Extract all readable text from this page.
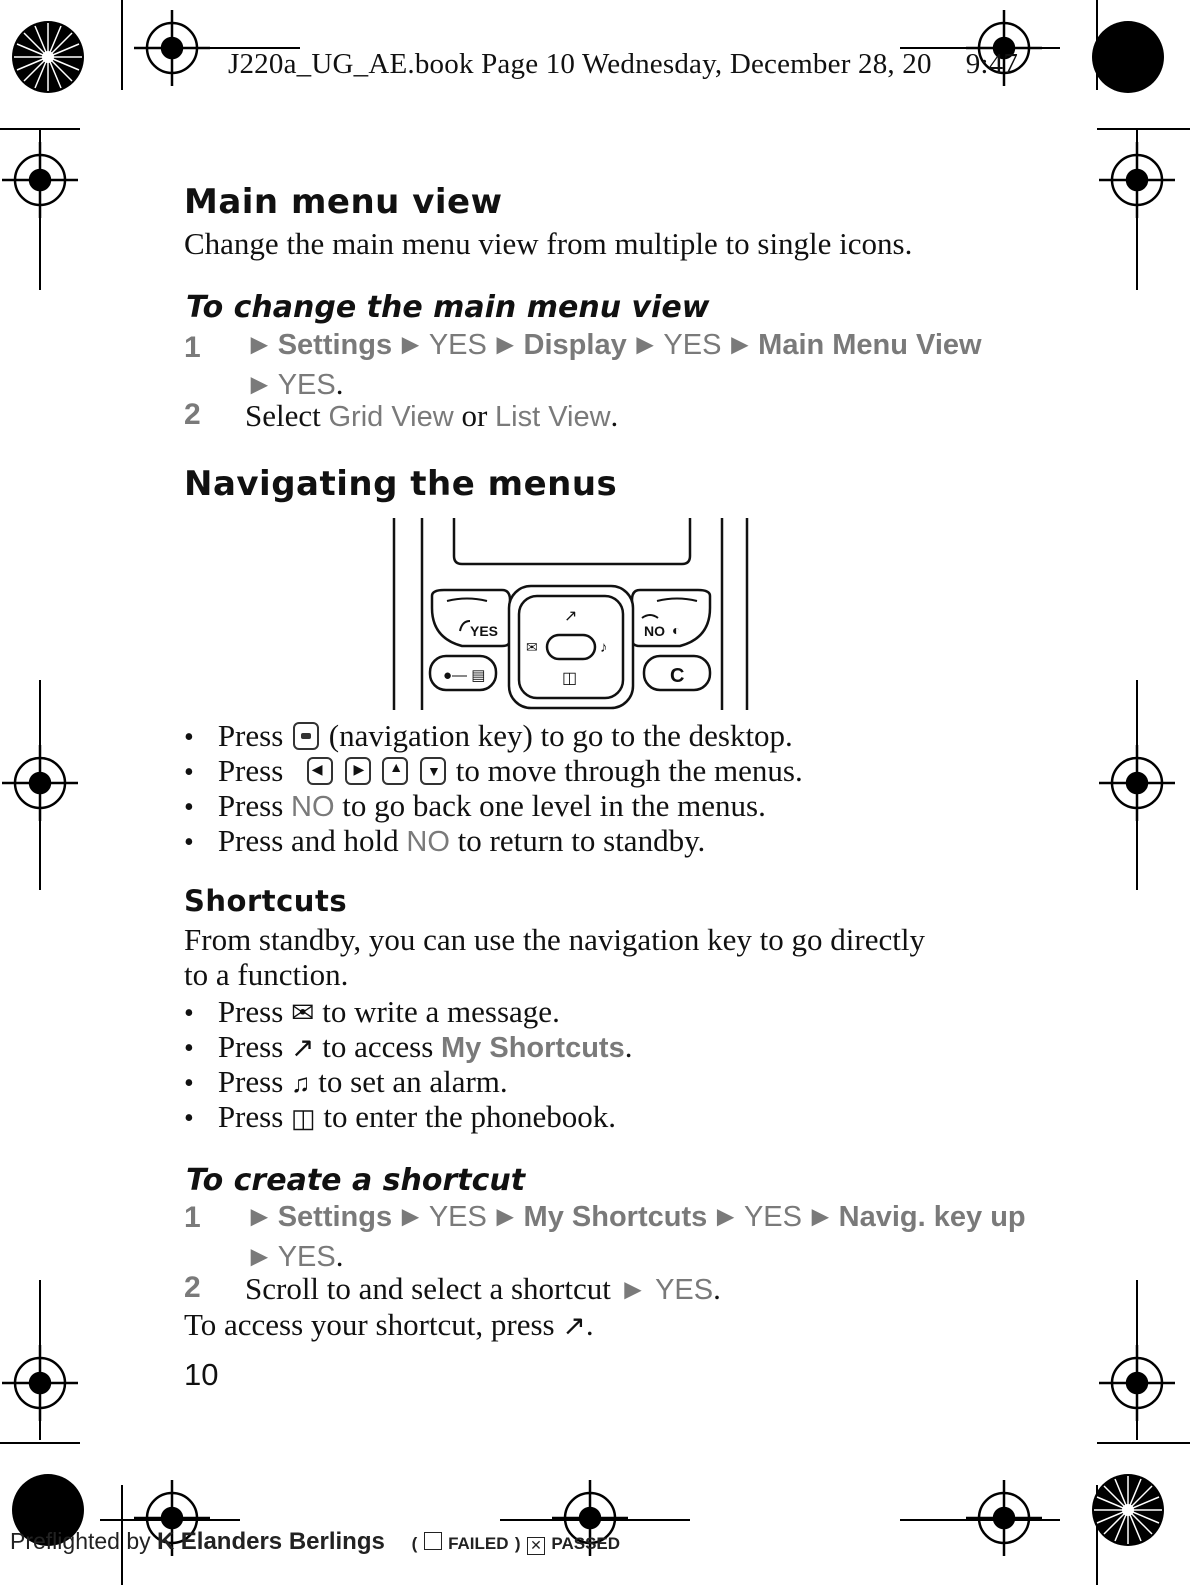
J220a_UG_AE.book Page 10 Wednesday, December 28, 20 9:47
Main menu view
Change the main menu view from multiple to single icons.
To change the main menu view
1 ► Settings ► YES ► Display ► YES ► Main Menu View
► YES.
2 Select Grid View or List View.
Navigating the menus
YES	NO ◐
C
●— ▤
↗
✉	♪
◫
• Press (navigation key) to go to the desktop.
• Press ◀
▶
▲
▼ to move through the menus.
• Press NO to go back one level in the menus.
• Press and hold NO to return to standby.
Shortcuts
From standby, you can use the navigation key to go directly
to a function.
• Press ✉ to write a message.
• Press ↗ to access My Shortcuts.
• Press ♫ to set an alarm.
• Press ◫ to enter the phonebook.
To create a shortcut
1 ► Settings ► YES ► My Shortcuts ► YES ► Navig. key up
► YES.
2 Scroll to and select a shortcut ► YES.
To access your shortcut, press ↗.
10
Preflighted by K Elanders Berlings ( FAILED ) ✕ PASSED
